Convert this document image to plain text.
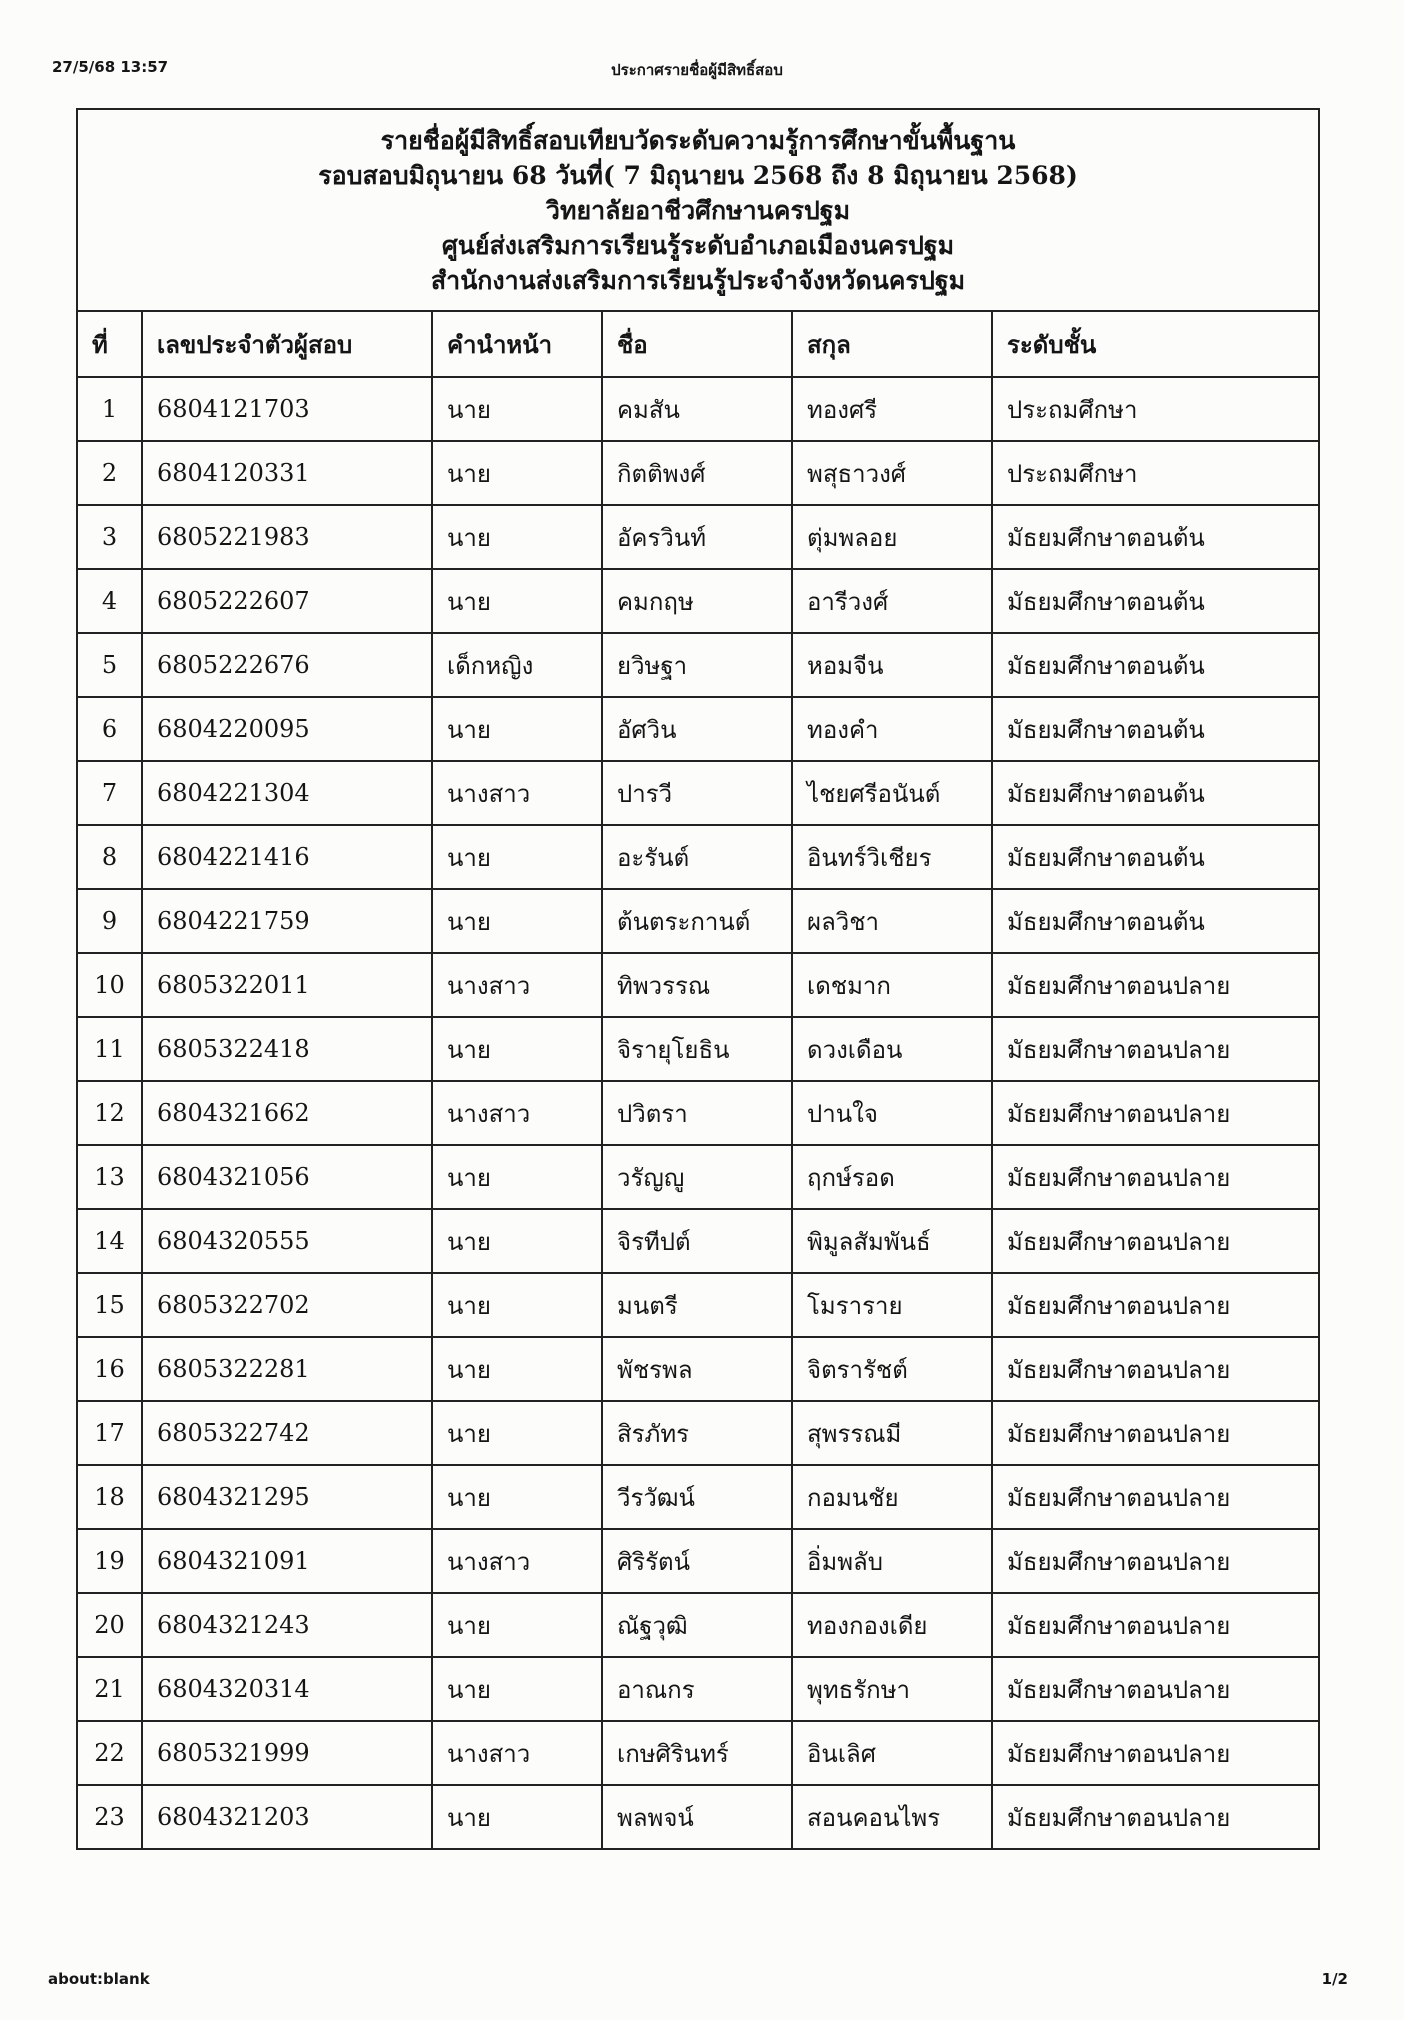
27/5/68 13:57	ประกาศรายชื่อผู้มีสิทธิ์สอบ
รายชื่อผู้มีสิทธิ์สอบเทียบวัดระดับความรู้การศึกษาขั้นพื้นฐาน
รอบสอบมิถุนายน 68 วันที่( 7 มิถุนายน 2568 ถึง 8 มิถุนายน 2568)
วิทยาลัยอาชีวศึกษานครปฐม
ศูนย์ส่งเสริมการเรียนรู้ระดับอำเภอเมืองนครปฐม
สำนักงานส่งเสริมการเรียนรู้ประจำจังหวัดนครปฐม
ที่	เลขประจำตัวผู้สอบ	คำนำหน้า	ชื่อ	สกุล	ระดับชั้น
1	6804121703	นาย	คมสัน	ทองศรี	ประถมศึกษา
2	6804120331	นาย	กิตติพงศ์	พสุธาวงศ์	ประถมศึกษา
3	6805221983	นาย	อัครวินท์	ตุ่มพลอย	มัธยมศึกษาตอนต้น
4	6805222607	นาย	คมกฤษ	อารีวงศ์	มัธยมศึกษาตอนต้น
5	6805222676	เด็กหญิง	ยวิษฐา	หอมจีน	มัธยมศึกษาตอนต้น
6	6804220095	นาย	อัศวิน	ทองคำ	มัธยมศึกษาตอนต้น
7	6804221304	นางสาว	ปารวี	ไชยศรีอนันต์	มัธยมศึกษาตอนต้น
8	6804221416	นาย	อะรันต์	อินทร์วิเชียร	มัธยมศึกษาตอนต้น
9	6804221759	นาย	ต้นตระกานต์	ผลวิชา	มัธยมศึกษาตอนต้น
10	6805322011	นางสาว	ทิพวรรณ	เดชมาก	มัธยมศึกษาตอนปลาย
11	6805322418	นาย	จิรายุโยธิน	ดวงเดือน	มัธยมศึกษาตอนปลาย
12	6804321662	นางสาว	ปวิตรา	ปานใจ	มัธยมศึกษาตอนปลาย
13	6804321056	นาย	วรัญญู	ฤกษ์รอด	มัธยมศึกษาตอนปลาย
14	6804320555	นาย	จิรทีปต์	พิมูลสัมพันธ์	มัธยมศึกษาตอนปลาย
15	6805322702	นาย	มนตรี	โมราราย	มัธยมศึกษาตอนปลาย
16	6805322281	นาย	พัชรพล	จิตรารัชต์	มัธยมศึกษาตอนปลาย
17	6805322742	นาย	สิรภัทร	สุพรรณมี	มัธยมศึกษาตอนปลาย
18	6804321295	นาย	วีรวัฒน์	กอมนชัย	มัธยมศึกษาตอนปลาย
19	6804321091	นางสาว	ศิริรัตน์	อิ่มพลับ	มัธยมศึกษาตอนปลาย
20	6804321243	นาย	ณัฐวุฒิ	ทองกองเดีย	มัธยมศึกษาตอนปลาย
21	6804320314	นาย	อาณกร	พุทธรักษา	มัธยมศึกษาตอนปลาย
22	6805321999	นางสาว	เกษศิรินทร์	อินเลิศ	มัธยมศึกษาตอนปลาย
23	6804321203	นาย	พลพจน์	สอนคอนไพร	มัธยมศึกษาตอนปลาย
about:blank	1/2
